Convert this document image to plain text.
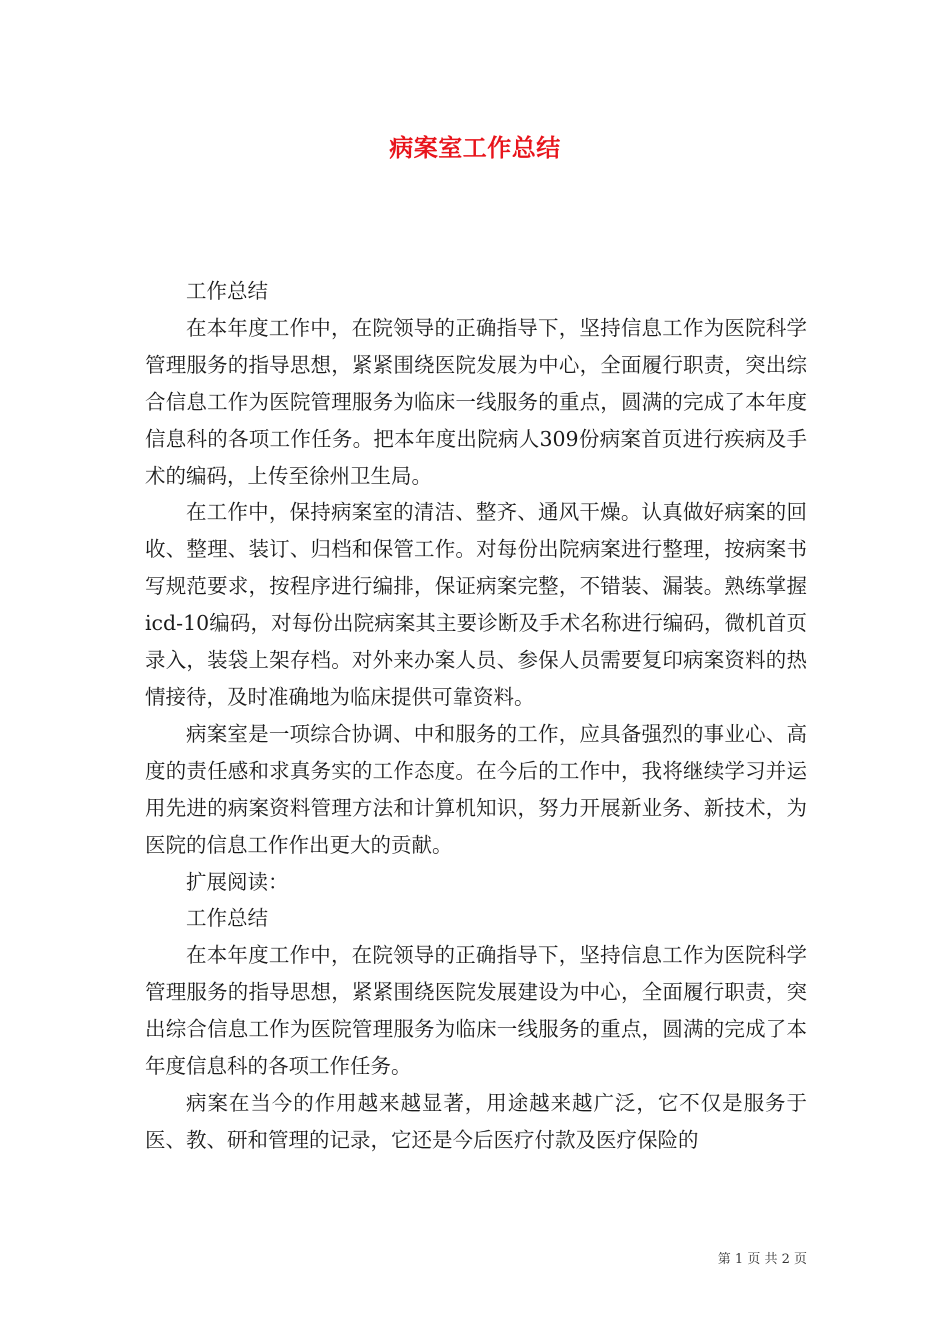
病案室工作总结

工作总结

在本年度工作中，在院领导的正确指导下，坚持信息工作为医院科学管理服务的指导思想，紧紧围绕医院发展为中心，全面履行职责，突出综合信息工作为医院管理服务为临床一线服务的重点，圆满的完成了本年度信息科的各项工作任务。把本年度出院病人309份病案首页进行疾病及手术的编码，上传至徐州卫生局。

在工作中，保持病案室的清洁、整齐、通风干燥。认真做好病案的回收、整理、装订、归档和保管工作。对每份出院病案进行整理，按病案书写规范要求，按程序进行编排，保证病案完整，不错装、漏装。熟练掌握icd-10编码，对每份出院病案其主要诊断及手术名称进行编码，微机首页录入，装袋上架存档。对外来办案人员、参保人员需要复印病案资料的热情接待，及时准确地为临床提供可靠资料。

病案室是一项综合协调、中和服务的工作，应具备强烈的事业心、高度的责任感和求真务实的工作态度。在今后的工作中，我将继续学习并运用先进的病案资料管理方法和计算机知识，努力开展新业务、新技术，为医院的信息工作作出更大的贡献。

扩展阅读：

工作总结

在本年度工作中，在院领导的正确指导下，坚持信息工作为医院科学管理服务的指导思想，紧紧围绕医院发展建设为中心，全面履行职责，突出综合信息工作为医院管理服务为临床一线服务的重点，圆满的完成了本年度信息科的各项工作任务。

病案在当今的作用越来越显著，用途越来越广泛，它不仅是服务于医、教、研和管理的记录，它还是今后医疗付款及医疗保险的

第 1 页 共 2 页
